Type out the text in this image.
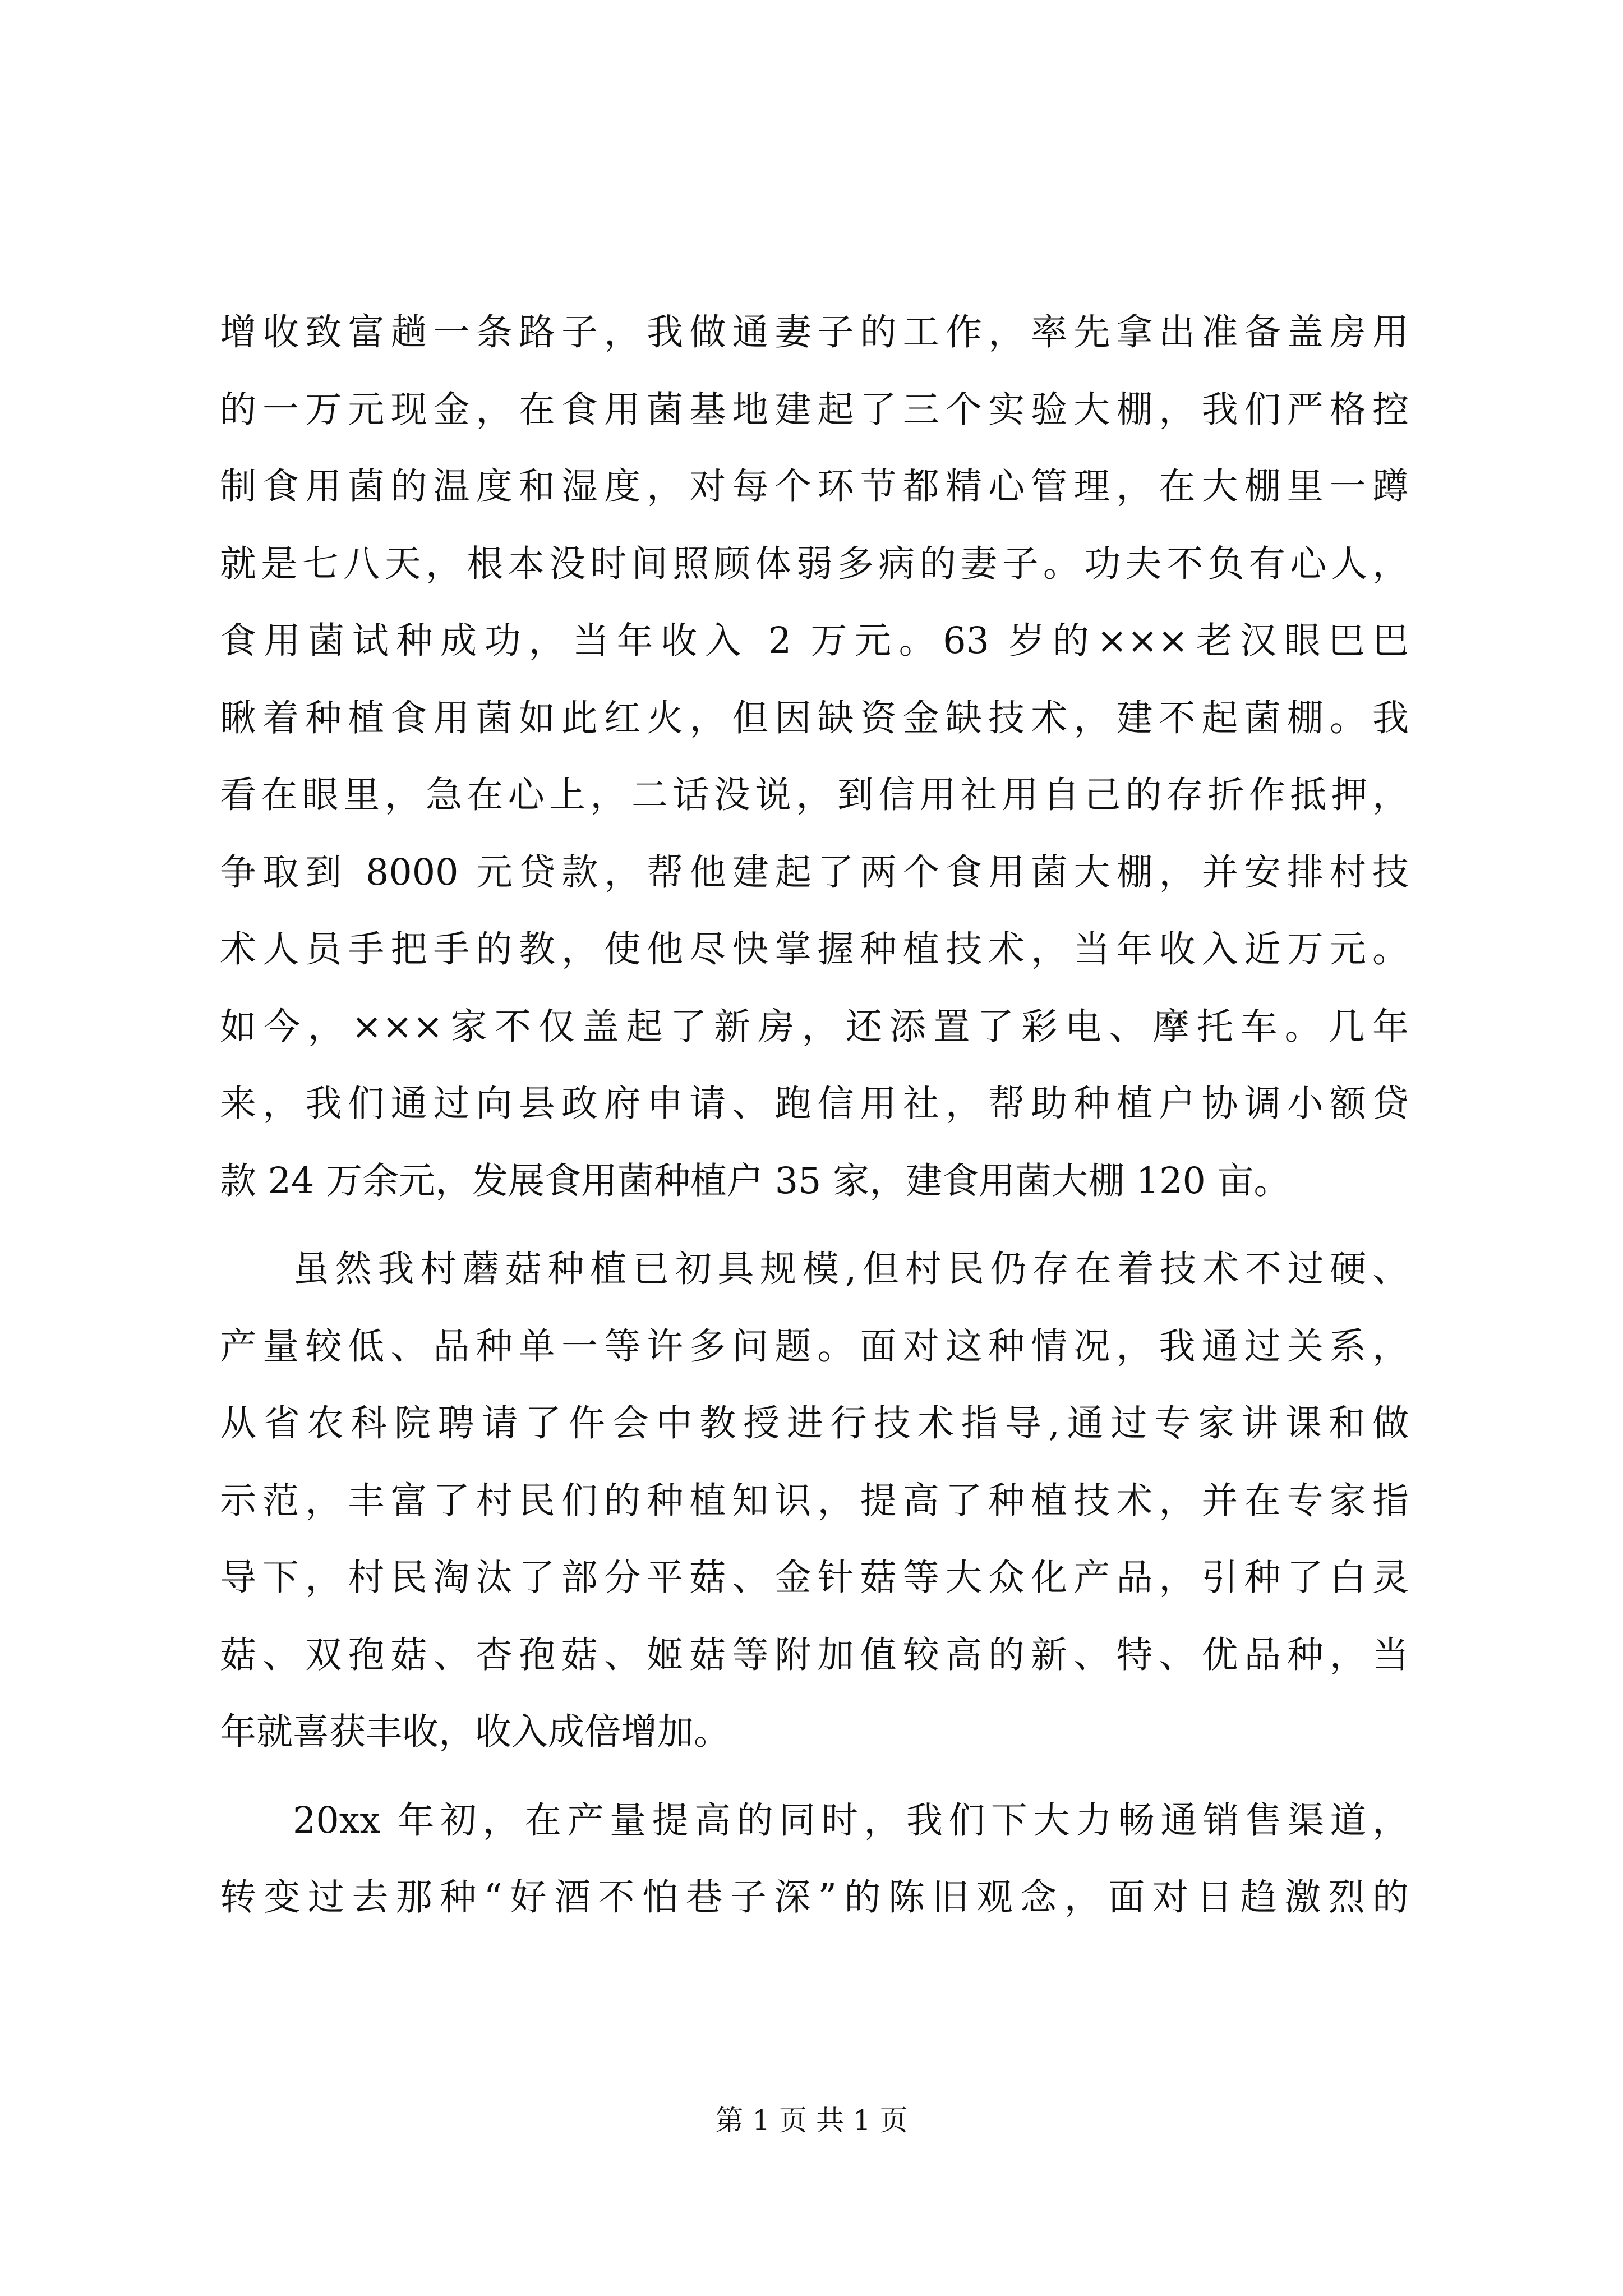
增收致富趟一条路子，我做通妻子的工作，率先拿出准备盖房用
的一万元现金，在食用菌基地建起了三个实验大棚，我们严格控
制食用菌的温度和湿度，对每个环节都精心管理，在大棚里一蹲
就是七八天，根本没时间照顾体弱多病的妻子。功夫不负有心人，
食用菌试种成功，当年收入 2 万元。63 岁的×××老汉眼巴巴
瞅着种植食用菌如此红火，但因缺资金缺技术，建不起菌棚。我
看在眼里，急在心上，二话没说，到信用社用自己的存折作抵押，
争取到 8000 元贷款，帮他建起了两个食用菌大棚，并安排村技
术人员手把手的教，使他尽快掌握种植技术，当年收入近万元。
如今，×××家不仅盖起了新房，还添置了彩电、摩托车。几年
来，我们通过向县政府申请、跑信用社，帮助种植户协调小额贷
款 24 万余元，发展食用菌种植户 35 家，建食用菌大棚 120 亩。
虽然我村蘑菇种植已初具规模,但村民仍存在着技术不过硬、
产量较低、品种单一等许多问题。面对这种情况，我通过关系，
从省农科院聘请了仵会中教授进行技术指导,通过专家讲课和做
示范，丰富了村民们的种植知识，提高了种植技术，并在专家指
导下，村民淘汰了部分平菇、金针菇等大众化产品，引种了白灵
菇、双孢菇、杏孢菇、姬菇等附加值较高的新、特、优品种，当
年就喜获丰收，收入成倍增加。
20xx 年初，在产量提高的同时，我们下大力畅通销售渠道，
转变过去那种“好酒不怕巷子深”的陈旧观念，面对日趋激烈的
第 1 页 共 1 页
